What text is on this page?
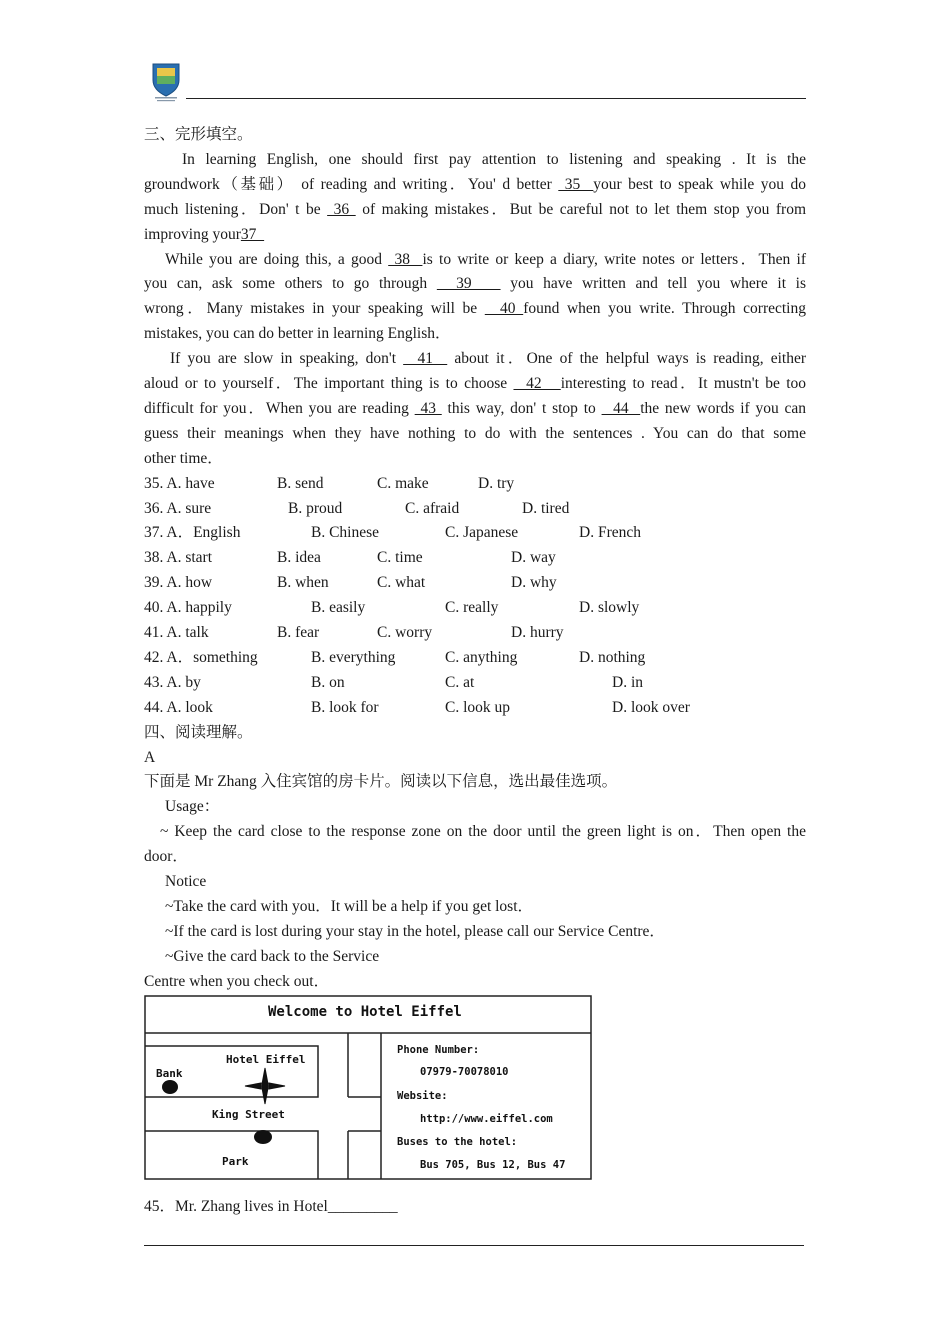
三、完形填空。

In learning English, one should first pay attention to listening and speaking . It is the

groundwork（基础） of reading and writing．You' d better  35  your best to speak while you do

much listening．Don' t be  36  of making mistakes．But be careful not to let them stop you from

improving your37

While you are doing this, a good  38  is to write or keep a diary, write notes or letters．Then if

you can, ask some others to go through   39    you have written and tell you where it is

wrong．Many mistakes in your speaking will be   40 found when you write. Through correcting

mistakes, you can do better in learning English．

If you are slow in speaking, don't   41   about it．One of the helpful ways is reading, either

aloud or to yourself．The important thing is to choose   42   interesting to read．It mustn't be too

difficult for you．When you are reading  43  this way, don' t stop to   44  the new words if you can

guess their meanings when they have nothing to do with the sentences . You can do that some

other time．

35. A. have	B. send	C. make	D. try
36. A. sure	B. proud	C. afraid	D. tired
37. A．English	B. Chinese	C. Japanese	D. French
38. A. start	B. idea	C. time	D. way
39. A. how	B. when	C. what	D. why
40. A. happily	B. easily	C. really	D. slowly
41. A. talk	B. fear	C. worry	D. hurry
42. A．something	B. everything	C. anything	D. nothing
43. A. by	B. on	C. at	D. in
44. A. look	B. look for	C. look up	D. look over

四、阅读理解。

A

下面是 Mr Zhang 入住宾馆的房卡片。阅读以下信息，选出最佳选项。

Usage：

~ Keep the card close to the response zone on the door until the green light is on．Then open the

door．

Notice

~Take the card with you．It will be a help if you get lost．

~If the card is lost during your stay in the hotel, please call our Service Centre．

~Give the card back to the Service

Centre when you check out．

Welcome to Hotel Eiffel
Hotel Eiffel
Bank
King Street
Park
Phone Number:
07979-70078010
Website:
http://www.eiffel.com
Buses to the hotel:
Bus 705, Bus 12, Bus 47
45．Mr. Zhang lives in Hotel_________
